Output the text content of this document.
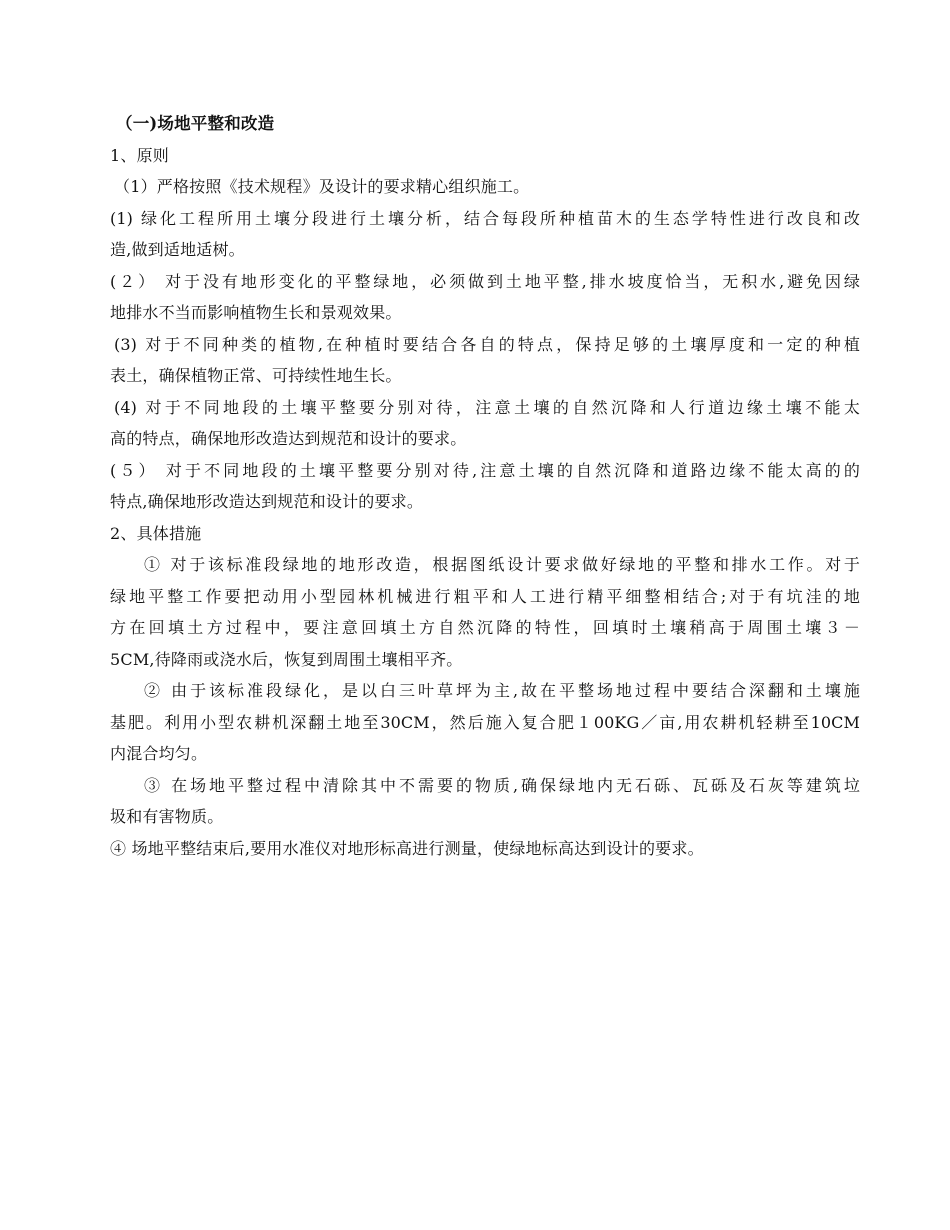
（一)场地平整和改造
1、原则
（1）严格按照《技术规程》及设计的要求精心组织施工。
(1) 绿化工程所用土壤分段进行土壤分析，结合每段所种植苗木的生态学特性进行改良和改
造,做到适地适树。
(２） 对于没有地形变化的平整绿地，必须做到土地平整,排水坡度恰当，无积水,避免因绿
地排水不当而影响植物生长和景观效果。
(3) 对于不同种类的植物,在种植时要结合各自的特点，保持足够的土壤厚度和一定的种植
表土，确保植物正常、可持续性地生长。
(4) 对于不同地段的土壤平整要分别对待，注意土壤的自然沉降和人行道边缘土壤不能太
高的特点，确保地形改造达到规范和设计的要求。
(５） 对于不同地段的土壤平整要分别对待,注意土壤的自然沉降和道路边缘不能太高的的
特点,确保地形改造达到规范和设计的要求。
2、具体措施
① 对于该标准段绿地的地形改造，根据图纸设计要求做好绿地的平整和排水工作。对于
绿地平整工作要把动用小型园林机械进行粗平和人工进行精平细整相结合;对于有坑洼的地
方在回填土方过程中，要注意回填土方自然沉降的特性，回填时土壤稍高于周围土壤３－
5CM,待降雨或浇水后，恢复到周围土壤相平齐。
② 由于该标准段绿化，是以白三叶草坪为主,故在平整场地过程中要结合深翻和土壤施
基肥。利用小型农耕机深翻土地至30CM，然后施入复合肥１00KG／亩,用农耕机轻耕至10CM
内混合均匀。
③ 在场地平整过程中清除其中不需要的物质,确保绿地内无石砾、瓦砾及石灰等建筑垃
圾和有害物质。
④ 场地平整结束后,要用水准仪对地形标高进行测量，使绿地标高达到设计的要求。
